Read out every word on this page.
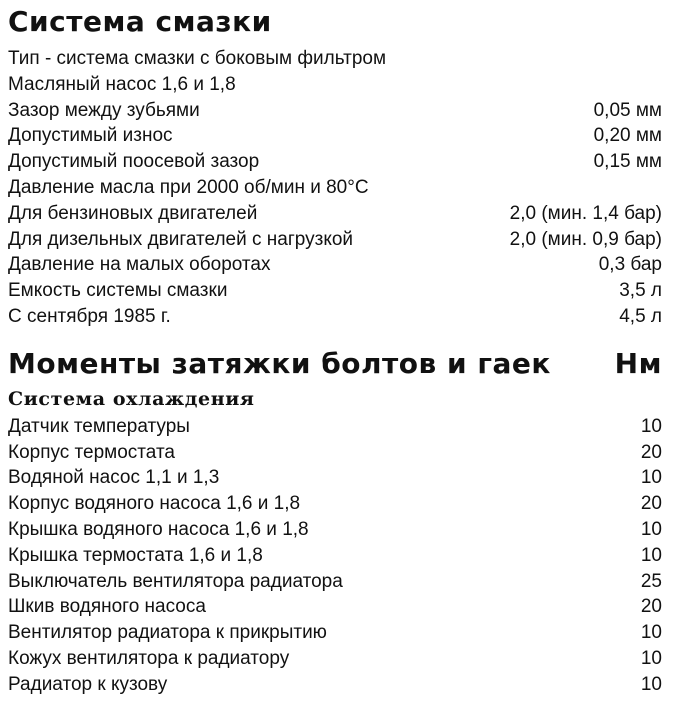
Система смазки
Тип - система смазки с боковым фильтром
Масляный насос 1,6 и 1,8
Зазор между зубьями	0,05 мм
Допустимый износ	0,20 мм
Допустимый поосевой зазор	0,15 мм
Давление масла при 2000 об/мин и 80°С
Для бензиновых двигателей	2,0 (мин. 1,4 бар)
Для дизельных двигателей с нагрузкой	2,0 (мин. 0,9 бар)
Давление на малых оборотах	0,3 бар
Емкость системы смазки	3,5 л
С сентября 1985 г.	4,5 л
Моменты затяжки болтов и гаек Нм
Система охлаждения
Датчик температуры	10
Корпус термостата	20
Водяной насос 1,1 и 1,3	10
Корпус водяного насоса 1,6 и 1,8	20
Крышка водяного насоса 1,6 и 1,8	10
Крышка термостата 1,6 и 1,8	10
Выключатель вентилятора радиатора	25
Шкив водяного насоса	20
Вентилятор радиатора к прикрытию	10
Кожух вентилятора к радиатору	10
Радиатор к кузову	10
